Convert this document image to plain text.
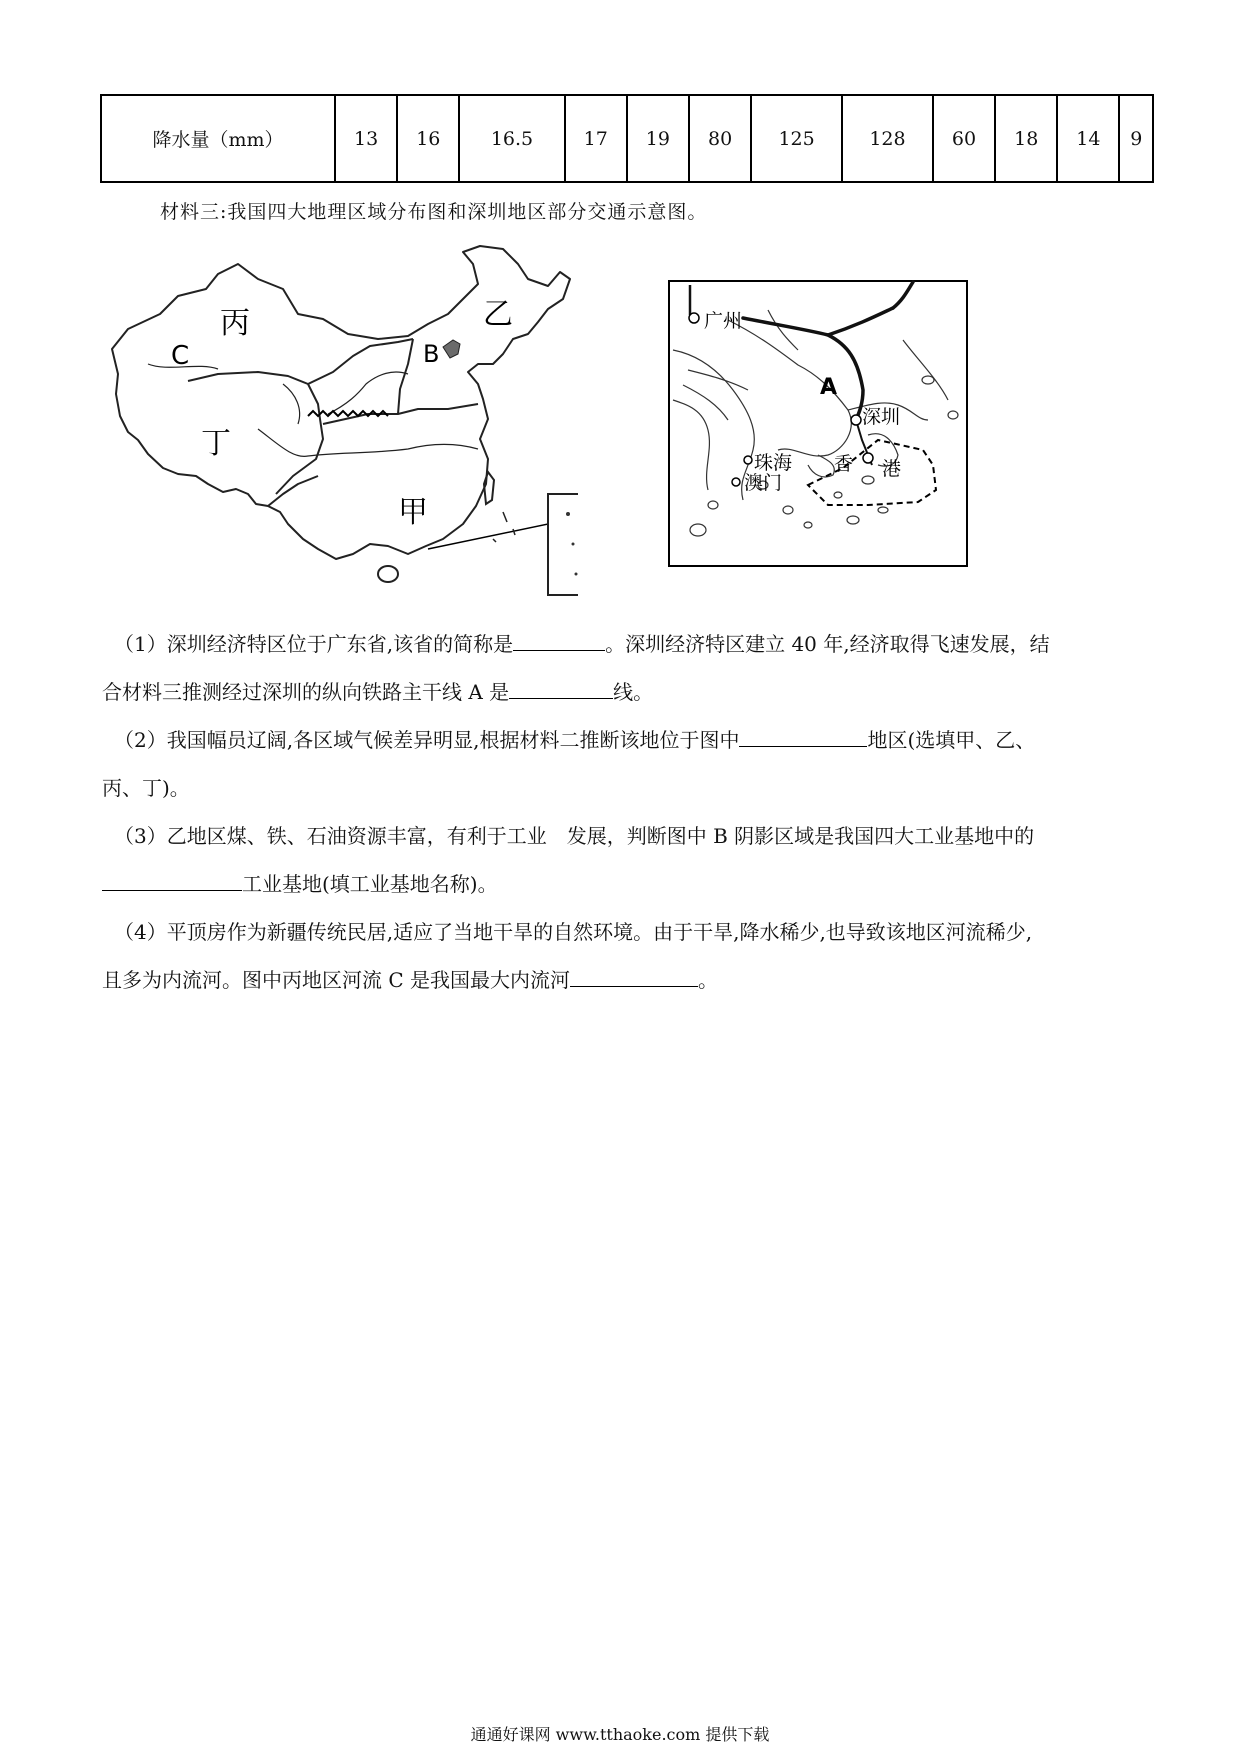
降水量（mm）	13	16	16.5	17	19	80	125	128	60	18	14	9
材料三:我国四大地理区域分布图和深圳地区部分交通示意图。
丙	乙
C	B
丁
甲
广州
A
深圳
珠海
澳门
香 港
（1）深圳经济特区位于广东省,该省的简称是	。深圳经济特区建立 40 年,经济取得飞速发展，结
合材料三推测经过深圳的纵向铁路主干线 A 是	线。
（2）我国幅员辽阔,各区域气候差异明显,根据材料二推断该地位于图中	地区(选填甲、乙、
丙、丁)。
（3）乙地区煤、铁、石油资源丰富，有利于工业　发展，判断图中 B 阴影区域是我国四大工业基地中的
工业基地(填工业基地名称)。
（4）平顶房作为新疆传统民居,适应了当地干旱的自然环境。由于干旱,降水稀少,也导致该地区河流稀少,
且多为内流河。图中丙地区河流 C 是我国最大内流河	。
通通好课网 www.tthaoke.com 提供下载
